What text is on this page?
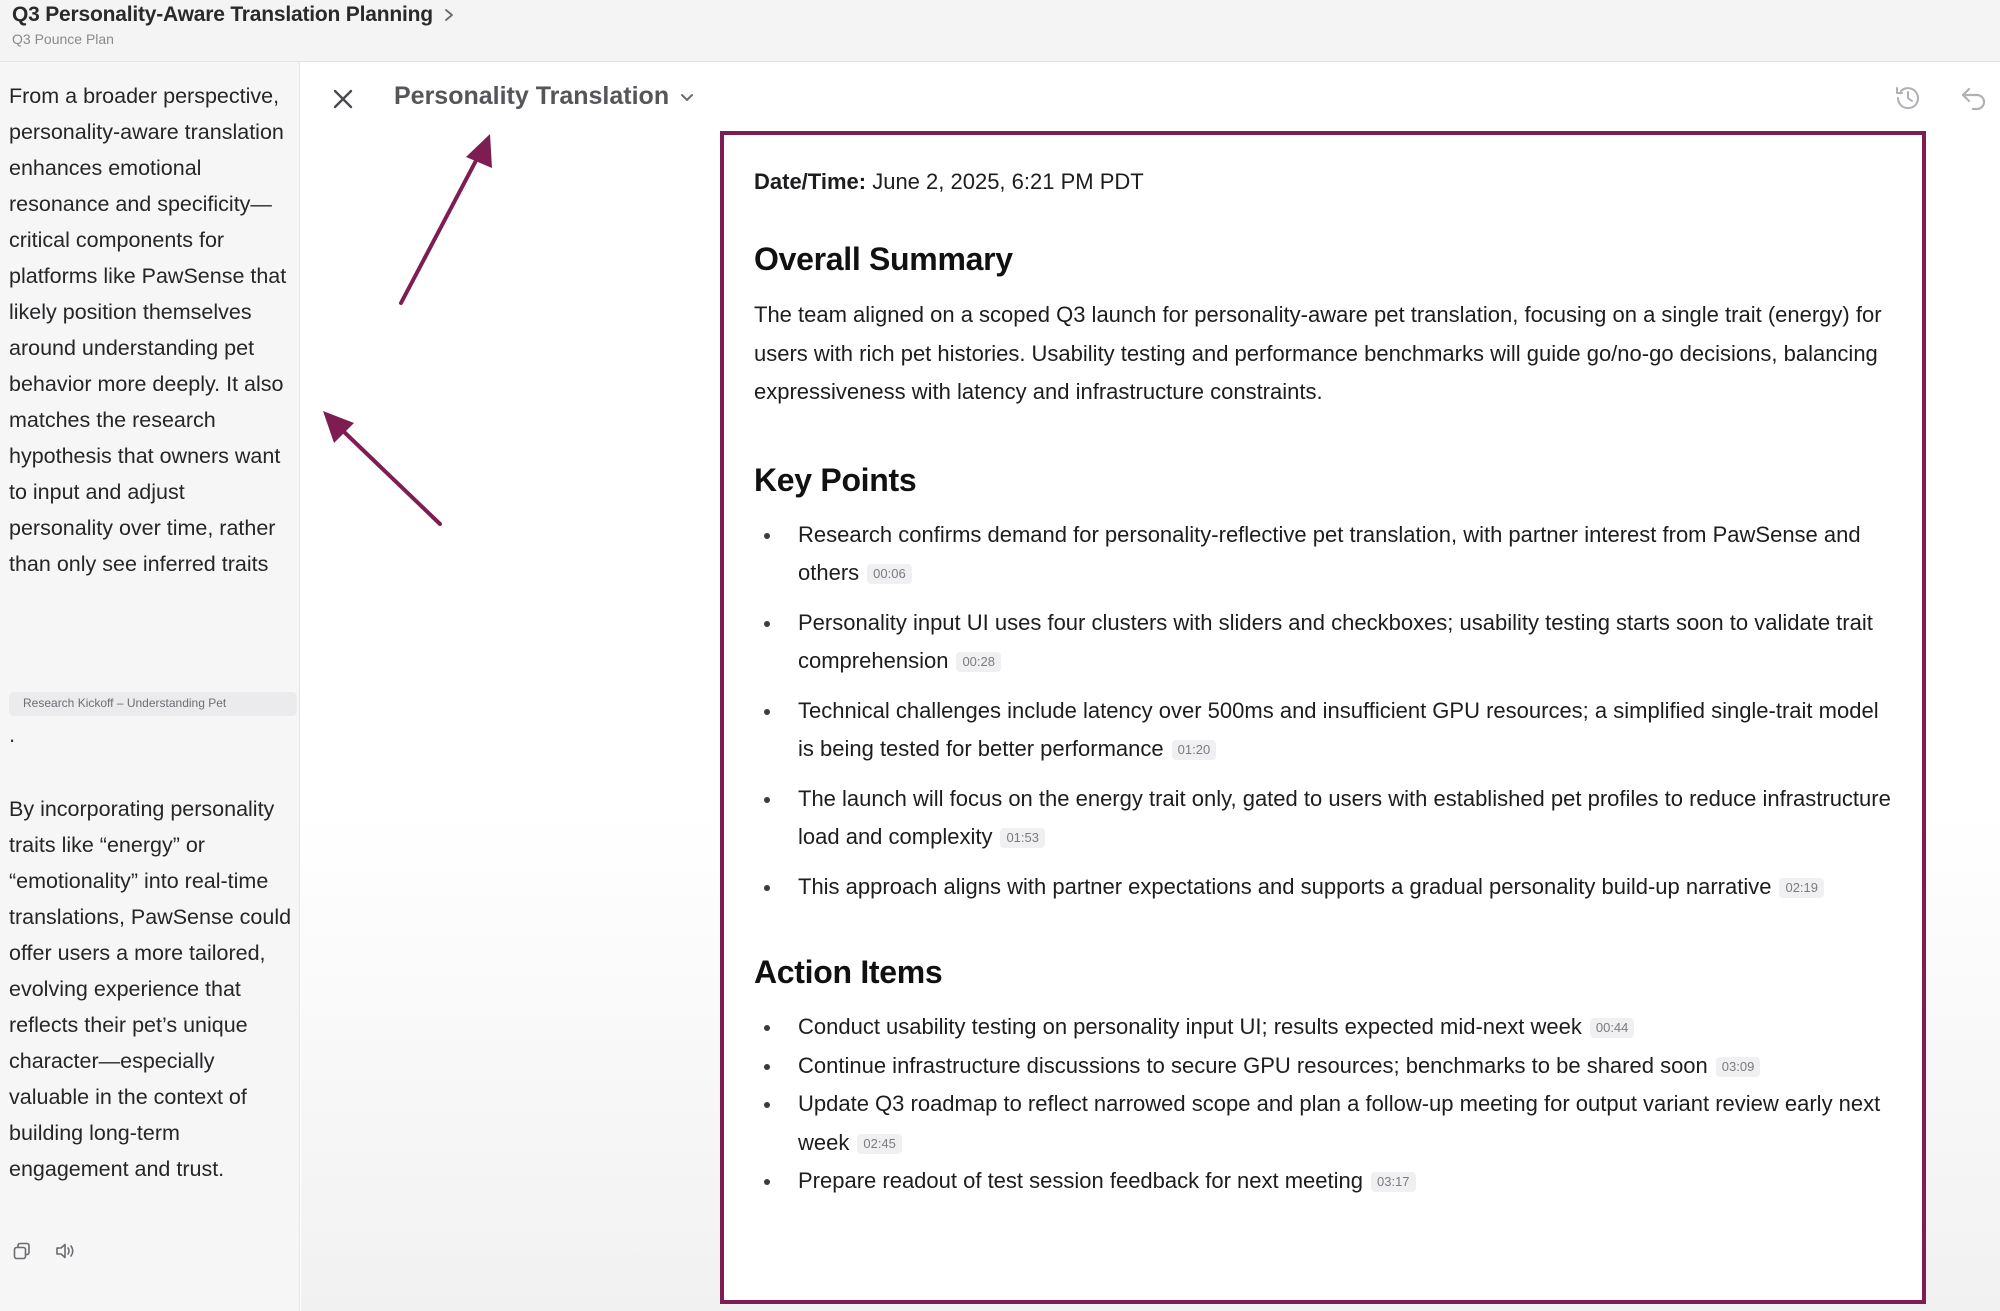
Q3 Personality-Aware Translation Planning
Q3 Pounce Plan
From a broader perspective, personality-aware translation enhances emotional resonance and specificity—critical components for platforms like PawSense that likely position themselves around understanding pet behavior more deeply. It also matches the research hypothesis that owners want to input and adjust personality over time, rather than only see inferred traits
Research Kickoff – Understanding Pet
.
By incorporating personality traits like “energy” or “emotionality” into real-time translations, PawSense could offer users a more tailored, evolving experience that reflects their pet’s unique character—especially valuable in the context of building long-term engagement and trust.
Personality Translation
Date/Time: June 2, 2025, 6:21 PM PDT
Overall Summary
The team aligned on a scoped Q3 launch for personality-aware pet translation, focusing on a single trait (energy) for users with rich pet histories. Usability testing and performance benchmarks will guide go/no-go decisions, balancing expressiveness with latency and infrastructure constraints.
Key Points
Research confirms demand for personality-reflective pet translation, with partner interest from PawSense and others 00:06
Personality input UI uses four clusters with sliders and checkboxes; usability testing starts soon to validate trait comprehension 00:28
Technical challenges include latency over 500ms and insufficient GPU resources; a simplified single-trait model is being tested for better performance 01:20
The launch will focus on the energy trait only, gated to users with established pet profiles to reduce infrastructure load and complexity 01:53
This approach aligns with partner expectations and supports a gradual personality build-up narrative 02:19
Action Items
Conduct usability testing on personality input UI; results expected mid-next week 00:44
Continue infrastructure discussions to secure GPU resources; benchmarks to be shared soon 03:09
Update Q3 roadmap to reflect narrowed scope and plan a follow-up meeting for output variant review early next week 02:45
Prepare readout of test session feedback for next meeting 03:17
